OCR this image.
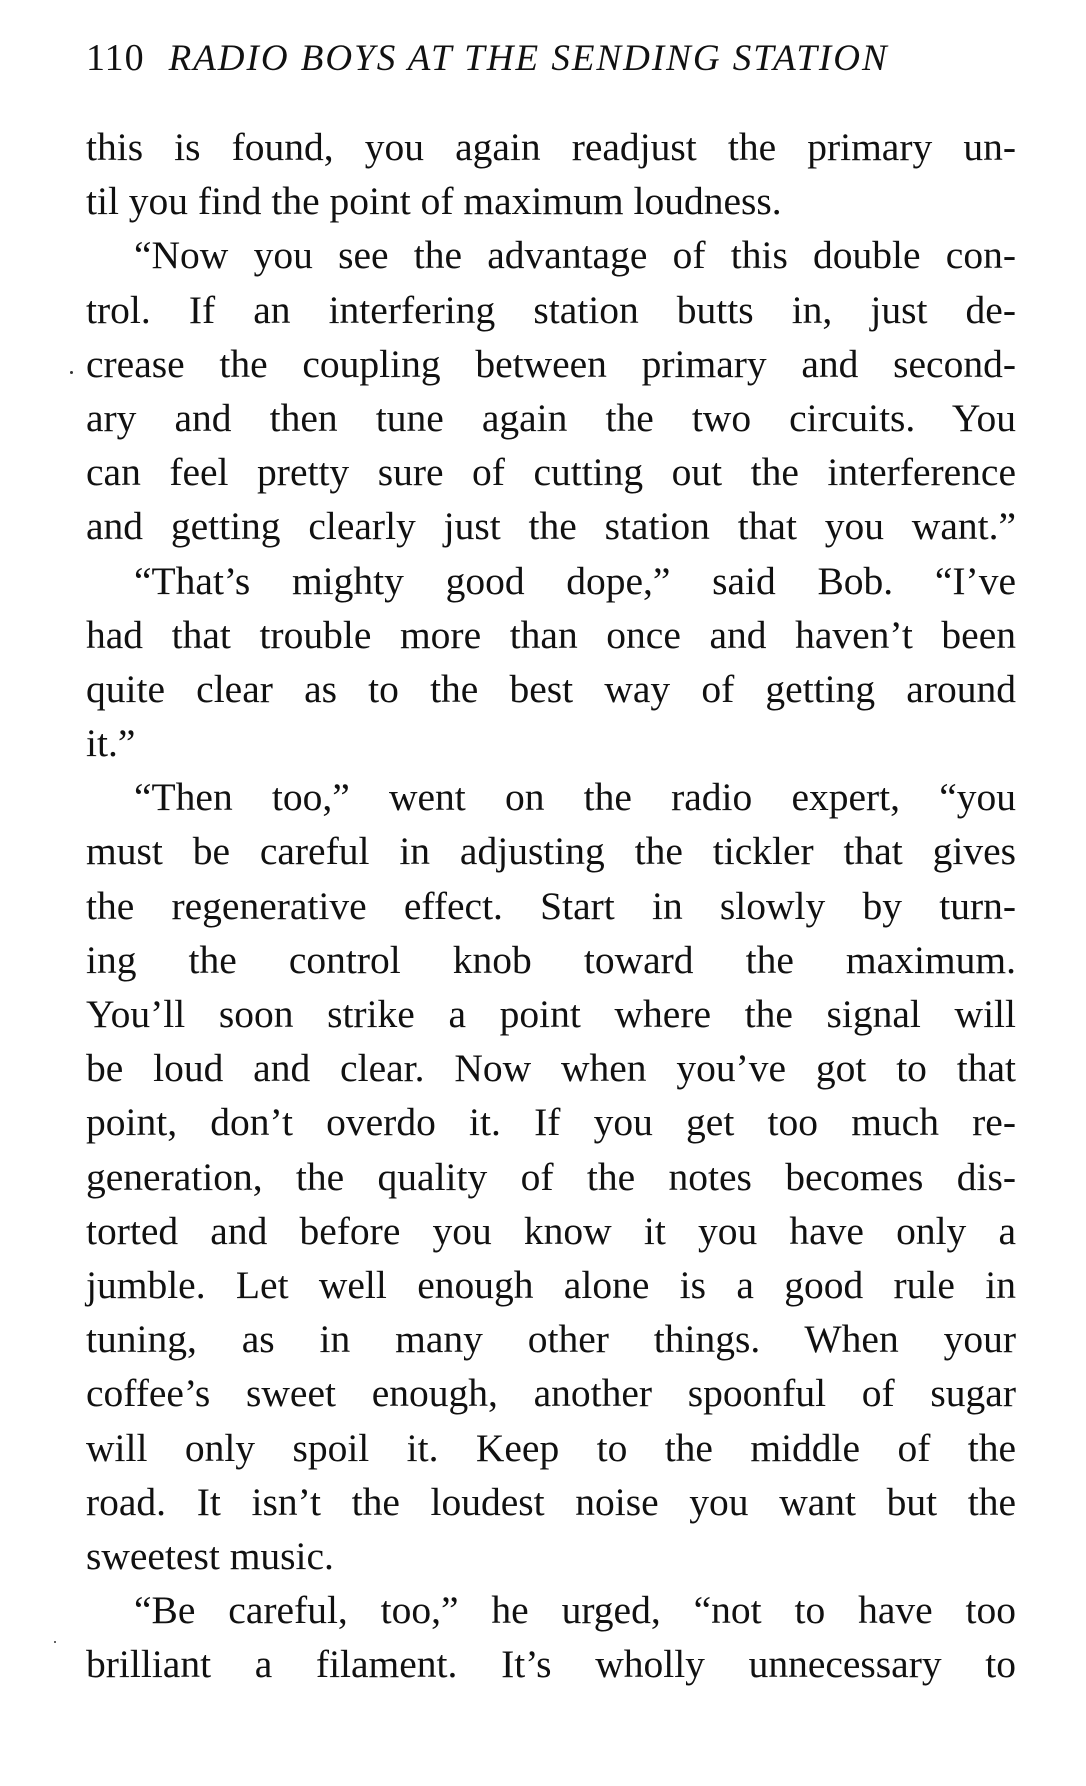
110 RADIO BOYS AT THE SENDING STATION
this is found, you again readjust the primary un-
til you find the point of maximum loudness.
“Now you see the advantage of this double con-
trol. If an interfering station butts in, just de-
crease the coupling between primary and second-
ary and then tune again the two circuits. You
can feel pretty sure of cutting out the interference
and getting clearly just the station that you want.”
“That’s mighty good dope,” said Bob. “I’ve
had that trouble more than once and haven’t been
quite clear as to the best way of getting around
it.”
“Then too,” went on the radio expert, “you
must be careful in adjusting the tickler that gives
the regenerative effect. Start in slowly by turn-
ing the control knob toward the maximum.
You’ll soon strike a point where the signal will
be loud and clear. Now when you’ve got to that
point, don’t overdo it. If you get too much re-
generation, the quality of the notes becomes dis-
torted and before you know it you have only a
jumble. Let well enough alone is a good rule in
tuning, as in many other things. When your
coffee’s sweet enough, another spoonful of sugar
will only spoil it. Keep to the middle of the
road. It isn’t the loudest noise you want but the
sweetest music.
“Be careful, too,” he urged, “not to have too
brilliant a filament. It’s wholly unnecessary to
